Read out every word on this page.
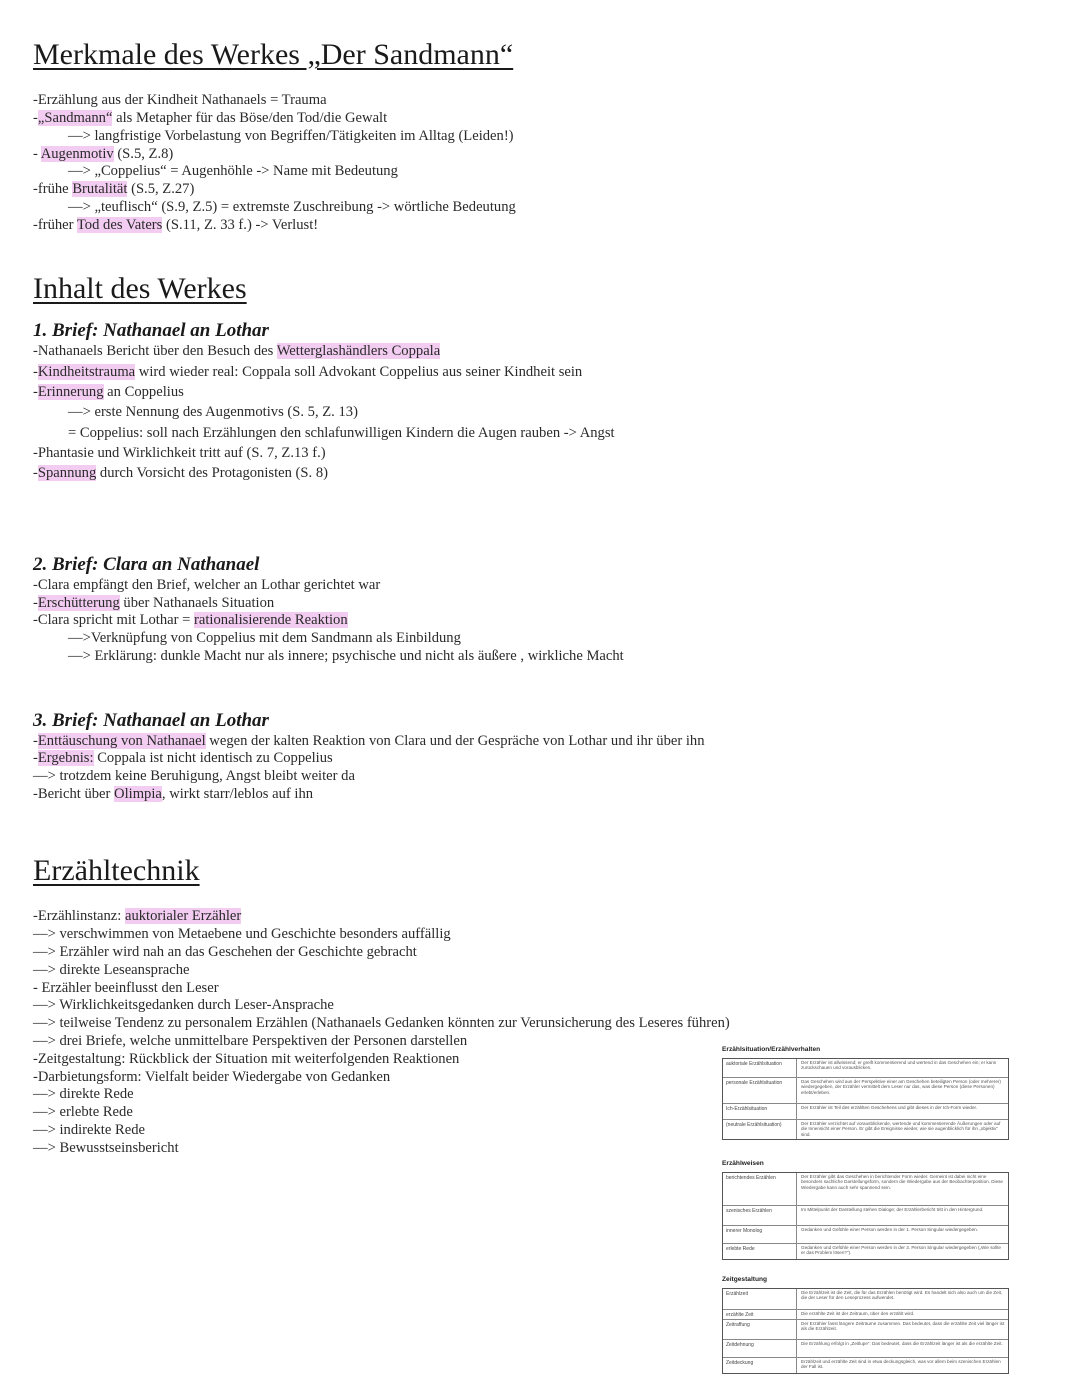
Merkmale des Werkes „Der Sandmann“
-Erzählung aus der Kindheit Nathanaels = Trauma
-„Sandmann“ als Metapher für das Böse/den Tod/die Gewalt
—> langfristige Vorbelastung von Begriffen/Tätigkeiten im Alltag (Leiden!)
- Augenmotiv (S.5, Z.8)
—> „Coppelius“ = Augenhöhle -> Name mit Bedeutung
-frühe Brutalität (S.5, Z.27)
—> „teuflisch“ (S.9, Z.5) = extremste Zuschreibung -> wörtliche Bedeutung
-früher Tod des Vaters (S.11, Z. 33 f.) -> Verlust!
Inhalt des Werkes
1. Brief: Nathanael an Lothar
-Nathanaels Bericht über den Besuch des Wetterglashändlers Coppala
-Kindheitstrauma wird wieder real: Coppala soll Advokant Coppelius aus seiner Kindheit sein
-Erinnerung an Coppelius
—> erste Nennung des Augenmotivs (S. 5, Z. 13)
= Coppelius: soll nach Erzählungen den schlafunwilligen Kindern die Augen rauben -> Angst
-Phantasie und Wirklichkeit tritt auf (S. 7, Z.13 f.)
-Spannung durch Vorsicht des Protagonisten (S. 8)
2. Brief: Clara an Nathanael
-Clara empfängt den Brief, welcher an Lothar gerichtet war
-Erschütterung über Nathanaels Situation
-Clara spricht mit Lothar = rationalisierende Reaktion
—>Verknüpfung von Coppelius mit dem Sandmann als Einbildung
—> Erklärung: dunkle Macht nur als innere; psychische und nicht als äußere , wirkliche Macht
3. Brief: Nathanael an Lothar
-Enttäuschung von Nathanael wegen der kalten Reaktion von Clara und der Gespräche von Lothar und ihr über ihn
-Ergebnis: Coppala ist nicht identisch zu Coppelius
—> trotzdem keine Beruhigung, Angst bleibt weiter da
-Bericht über Olimpia, wirkt starr/leblos auf ihn
Erzähltechnik
-Erzählinstanz: auktorialer Erzähler
—> verschwimmen von Metaebene und Geschichte besonders auffällig
—> Erzähler wird nah an das Geschehen der Geschichte gebracht
—> direkte Leseansprache
- Erzähler beeinflusst den Leser
—> Wirklichkeitsgedanken durch Leser-Ansprache
—> teilweise Tendenz zu personalem Erzählen (Nathanaels Gedanken könnten zur Verunsicherung des Leseres führen)
—> drei Briefe, welche unmittelbare Perspektiven der Personen darstellen
-Zeitgestaltung: Rückblick der Situation mit weiterfolgenden Reaktionen
-Darbietungsform: Vielfalt beider Wiedergabe von Gedanken
—> direkte Rede
—> erlebte Rede
—> indirekte Rede
—> Bewusstseinsbericht
Erzählsituation/Erzählverhalten
auktoriale Erzählsituation	Der Erzähler ist allwissend; er greift kommentierend und wertend in das Geschehen ein; er kann zurückschauen und vorausblicken.
personale Erzählsituation	Das Geschehen wird aus der Perspektive einer am Geschehen beteiligten Person (oder mehrerer) wiedergegeben, der Erzähler vermittelt dem Leser nur das, was diese Person (diese Personen) erlebt/erleben.
Ich-Erzählsituation	Der Erzähler ist Teil des erzählten Geschehens und gibt dieses in der Ich-Form wieder.
(neutrale Erzählsituation)	Der Erzähler verzichtet auf vorausblickende, wertende und kommentierende Äußerungen oder auf die Innensicht einer Person. Er gibt die Ereignisse wieder, wie sie augenblicklich für ihn „objektiv“ sind.
Erzählweisen
berichtendes Erzählen	Der Erzähler gibt das Geschehen in berichtender Form wieder. Gemeint ist dabei nicht eine besonders sachliche Darstellungsform, sondern die Wiedergabe aus der Beobachterposition. Diese Wiedergabe kann auch sehr spannend sein.
szenisches Erzählen	Im Mittelpunkt der Darstellung stehen Dialoge; der Erzählerbericht tritt in den Hintergrund.
innerer Monolog	Gedanken und Gefühle einer Person werden in der 1. Person Singular wiedergegeben.
erlebte Rede	Gedanken und Gefühle einer Person werden in der 3. Person Singular wiedergegeben („Wie sollte er das Problem lösen?“).
Zeitgestaltung
Erzählzeit	Die Erzählzeit ist die Zeit, die für das Erzählen benötigt wird. Es handelt sich also auch um die Zeit, die der Leser für den Leseprozess aufwendet.
erzählte Zeit	Die erzählte Zeit ist der Zeitraum, über den erzählt wird.
Zeitraffung	Der Erzähler fasst längere Zeiträume zusammen. Das bedeutet, dass die erzählte Zeit viel länger ist als die Erzählzeit.
Zeitdehnung	Die Erzählung erfolgt in „Zeitlupe“. Das bedeutet, dass die Erzählzeit länger ist als die erzählte Zeit.
Zeitdeckung	Erzählzeit und erzählte Zeit sind in etwa deckungsgleich, was vor allem beim szenischen Erzählen der Fall ist.
